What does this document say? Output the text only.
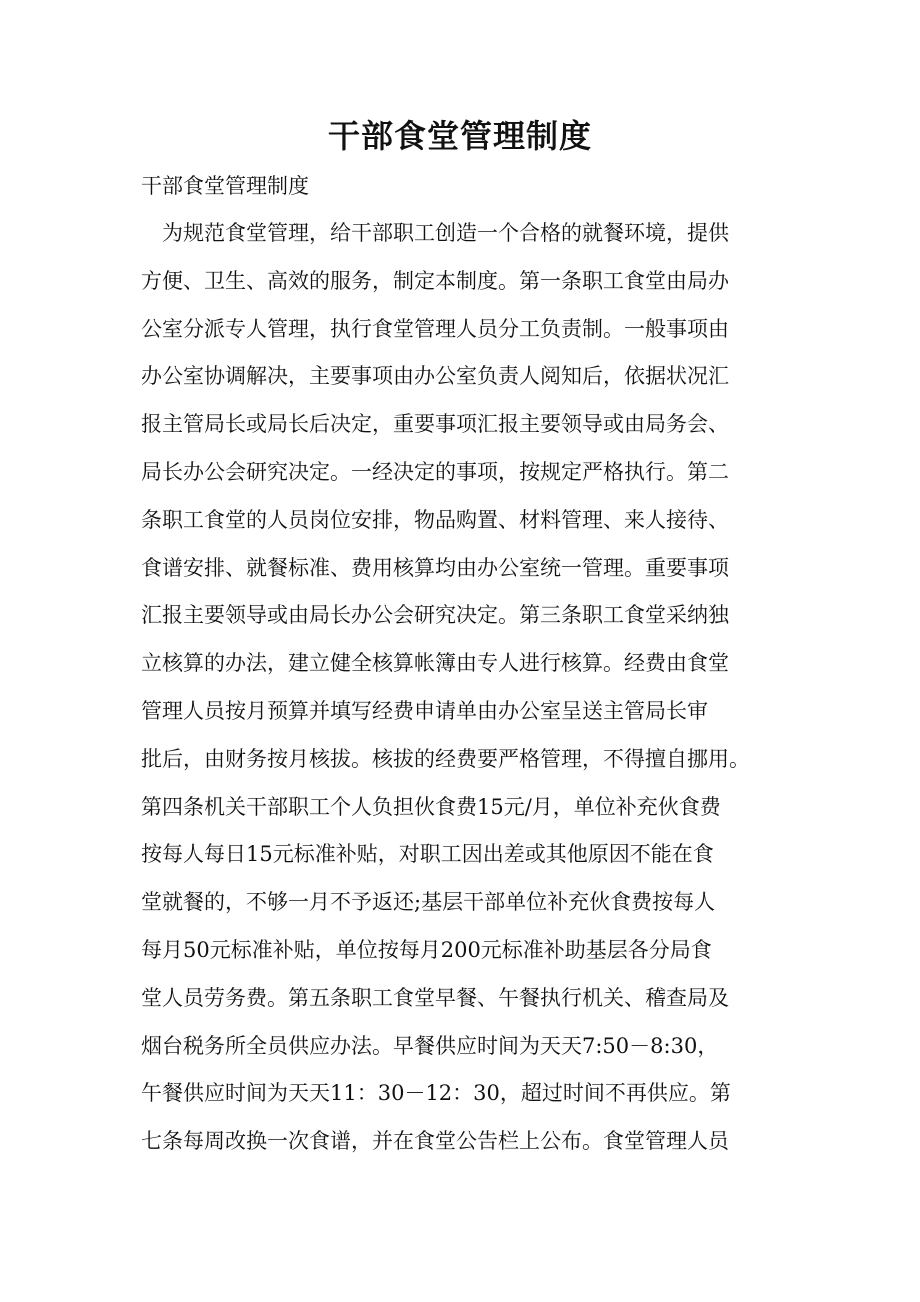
干部食堂管理制度
干部食堂管理制度
为规范食堂管理，给干部职工创造一个合格的就餐环境，提供
方便、卫生、高效的服务，制定本制度。第一条职工食堂由局办
公室分派专人管理，执行食堂管理人员分工负责制。一般事项由
办公室协调解决，主要事项由办公室负责人阅知后，依据状况汇
报主管局长或局长后决定，重要事项汇报主要领导或由局务会、
局长办公会研究决定。一经决定的事项，按规定严格执行。第二
条职工食堂的人员岗位安排，物品购置、材料管理、来人接待、
食谱安排、就餐标准、费用核算均由办公室统一管理。重要事项
汇报主要领导或由局长办公会研究决定。第三条职工食堂采纳独
立核算的办法，建立健全核算帐簿由专人进行核算。经费由食堂
管理人员按月预算并填写经费申请单由办公室呈送主管局长审
批后，由财务按月核拔。核拔的经费要严格管理，不得擅自挪用。
第四条机关干部职工个人负担伙食费15元/月，单位补充伙食费
按每人每日15元标准补贴，对职工因出差或其他原因不能在食
堂就餐的，不够一月不予返还;基层干部单位补充伙食费按每人
每月50元标准补贴，单位按每月200元标准补助基层各分局食
堂人员劳务费。第五条职工食堂早餐、午餐执行机关、稽查局及
烟台税务所全员供应办法。早餐供应时间为天天7:50－8:30，
午餐供应时间为天天11：30－12：30，超过时间不再供应。第
七条每周改换一次食谱，并在食堂公告栏上公布。食堂管理人员
